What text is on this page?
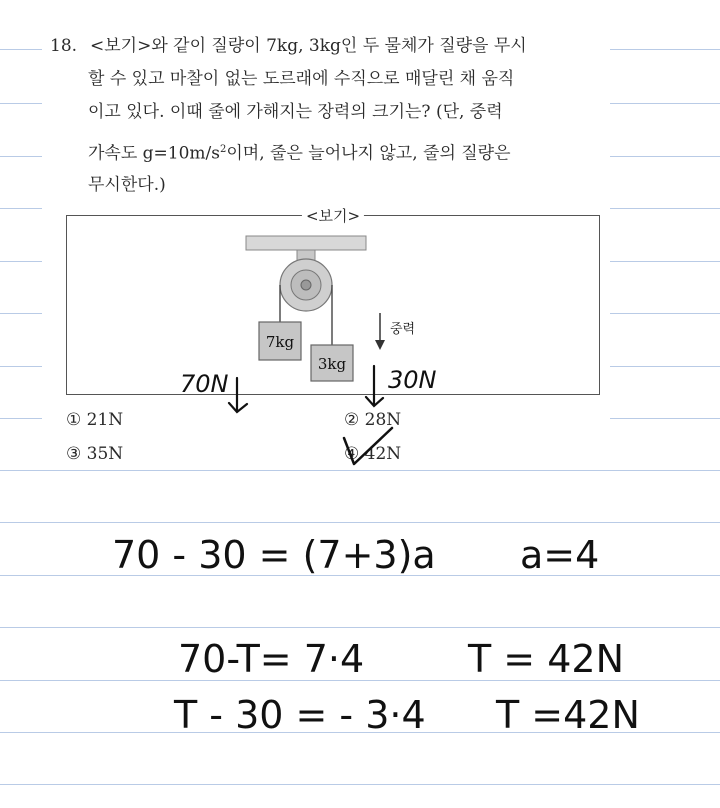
18. <보기>와 같이 질량이 7kg, 3kg인 두 물체가 질량을 무시
할 수 있고 마찰이 없는 도르래에 수직으로 매달린 채 움직
이고 있다. 이때 줄에 가해지는 장력의 크기는? (단, 중력
가속도 $g=10m/s^2$이며, 줄은 늘어나지 않고, 줄의 질량은
무시한다.)
<보기>
7kg
3kg
중력
① 21N	② 28N
③ 35N	④ 42N
70N	30N
70 - 30 = (7+3)a a=4
70-T= 7·4	T = 42N
T - 30 = - 3·4 T =42N
